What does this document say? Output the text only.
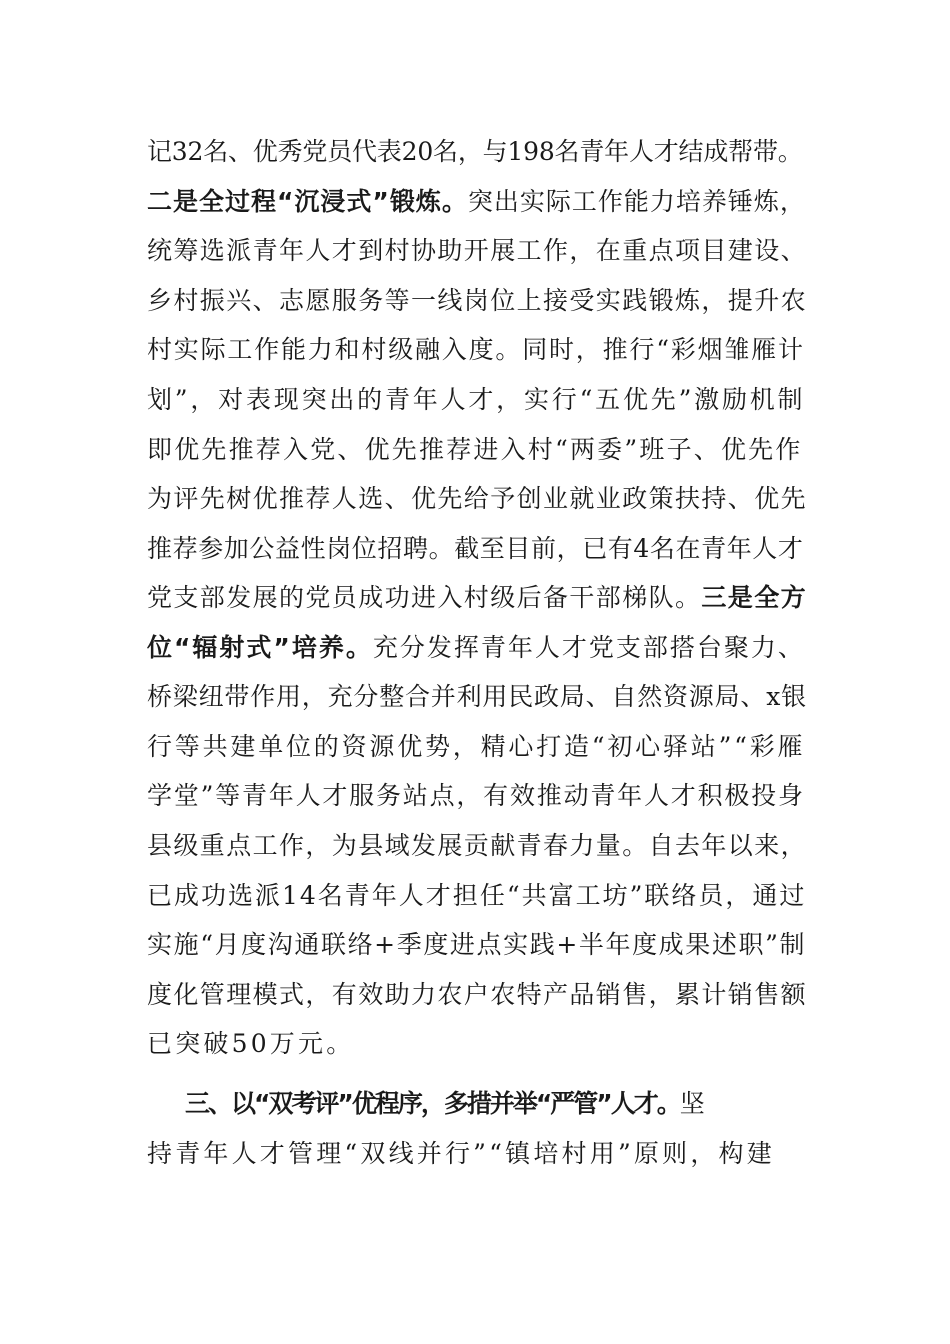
记32名、优秀党员代表20名，与198名青年人才结成帮带。
二是全过程“沉浸式”锻炼。突出实际工作能力培养锤炼，
统筹选派青年人才到村协助开展工作，在重点项目建设、
乡村振兴、志愿服务等一线岗位上接受实践锻炼，提升农
村实际工作能力和村级融入度。同时，推行“彩烟雏雁计
划”，对表现突出的青年人才，实行“五优先”激励机制
即优先推荐入党、优先推荐进入村“两委”班子、优先作
为评先树优推荐人选、优先给予创业就业政策扶持、优先
推荐参加公益性岗位招聘。截至目前，已有4名在青年人才
党支部发展的党员成功进入村级后备干部梯队。三是全方
位“辐射式”培养。充分发挥青年人才党支部搭台聚力、
桥梁纽带作用，充分整合并利用民政局、自然资源局、x银
行等共建单位的资源优势，精心打造“初心驿站”“彩雁
学堂”等青年人才服务站点，有效推动青年人才积极投身
县级重点工作，为县域发展贡献青春力量。自去年以来，
已成功选派14名青年人才担任“共富工坊”联络员，通过
实施“月度沟通联络+季度进点实践+半年度成果述职”制
度化管理模式，有效助力农户农特产品销售，累计销售额
已突破50万元。
三、以“双考评”优程序，多措并举“严管”人才。坚
持青年人才管理“双线并行”“镇培村用”原则，构建
